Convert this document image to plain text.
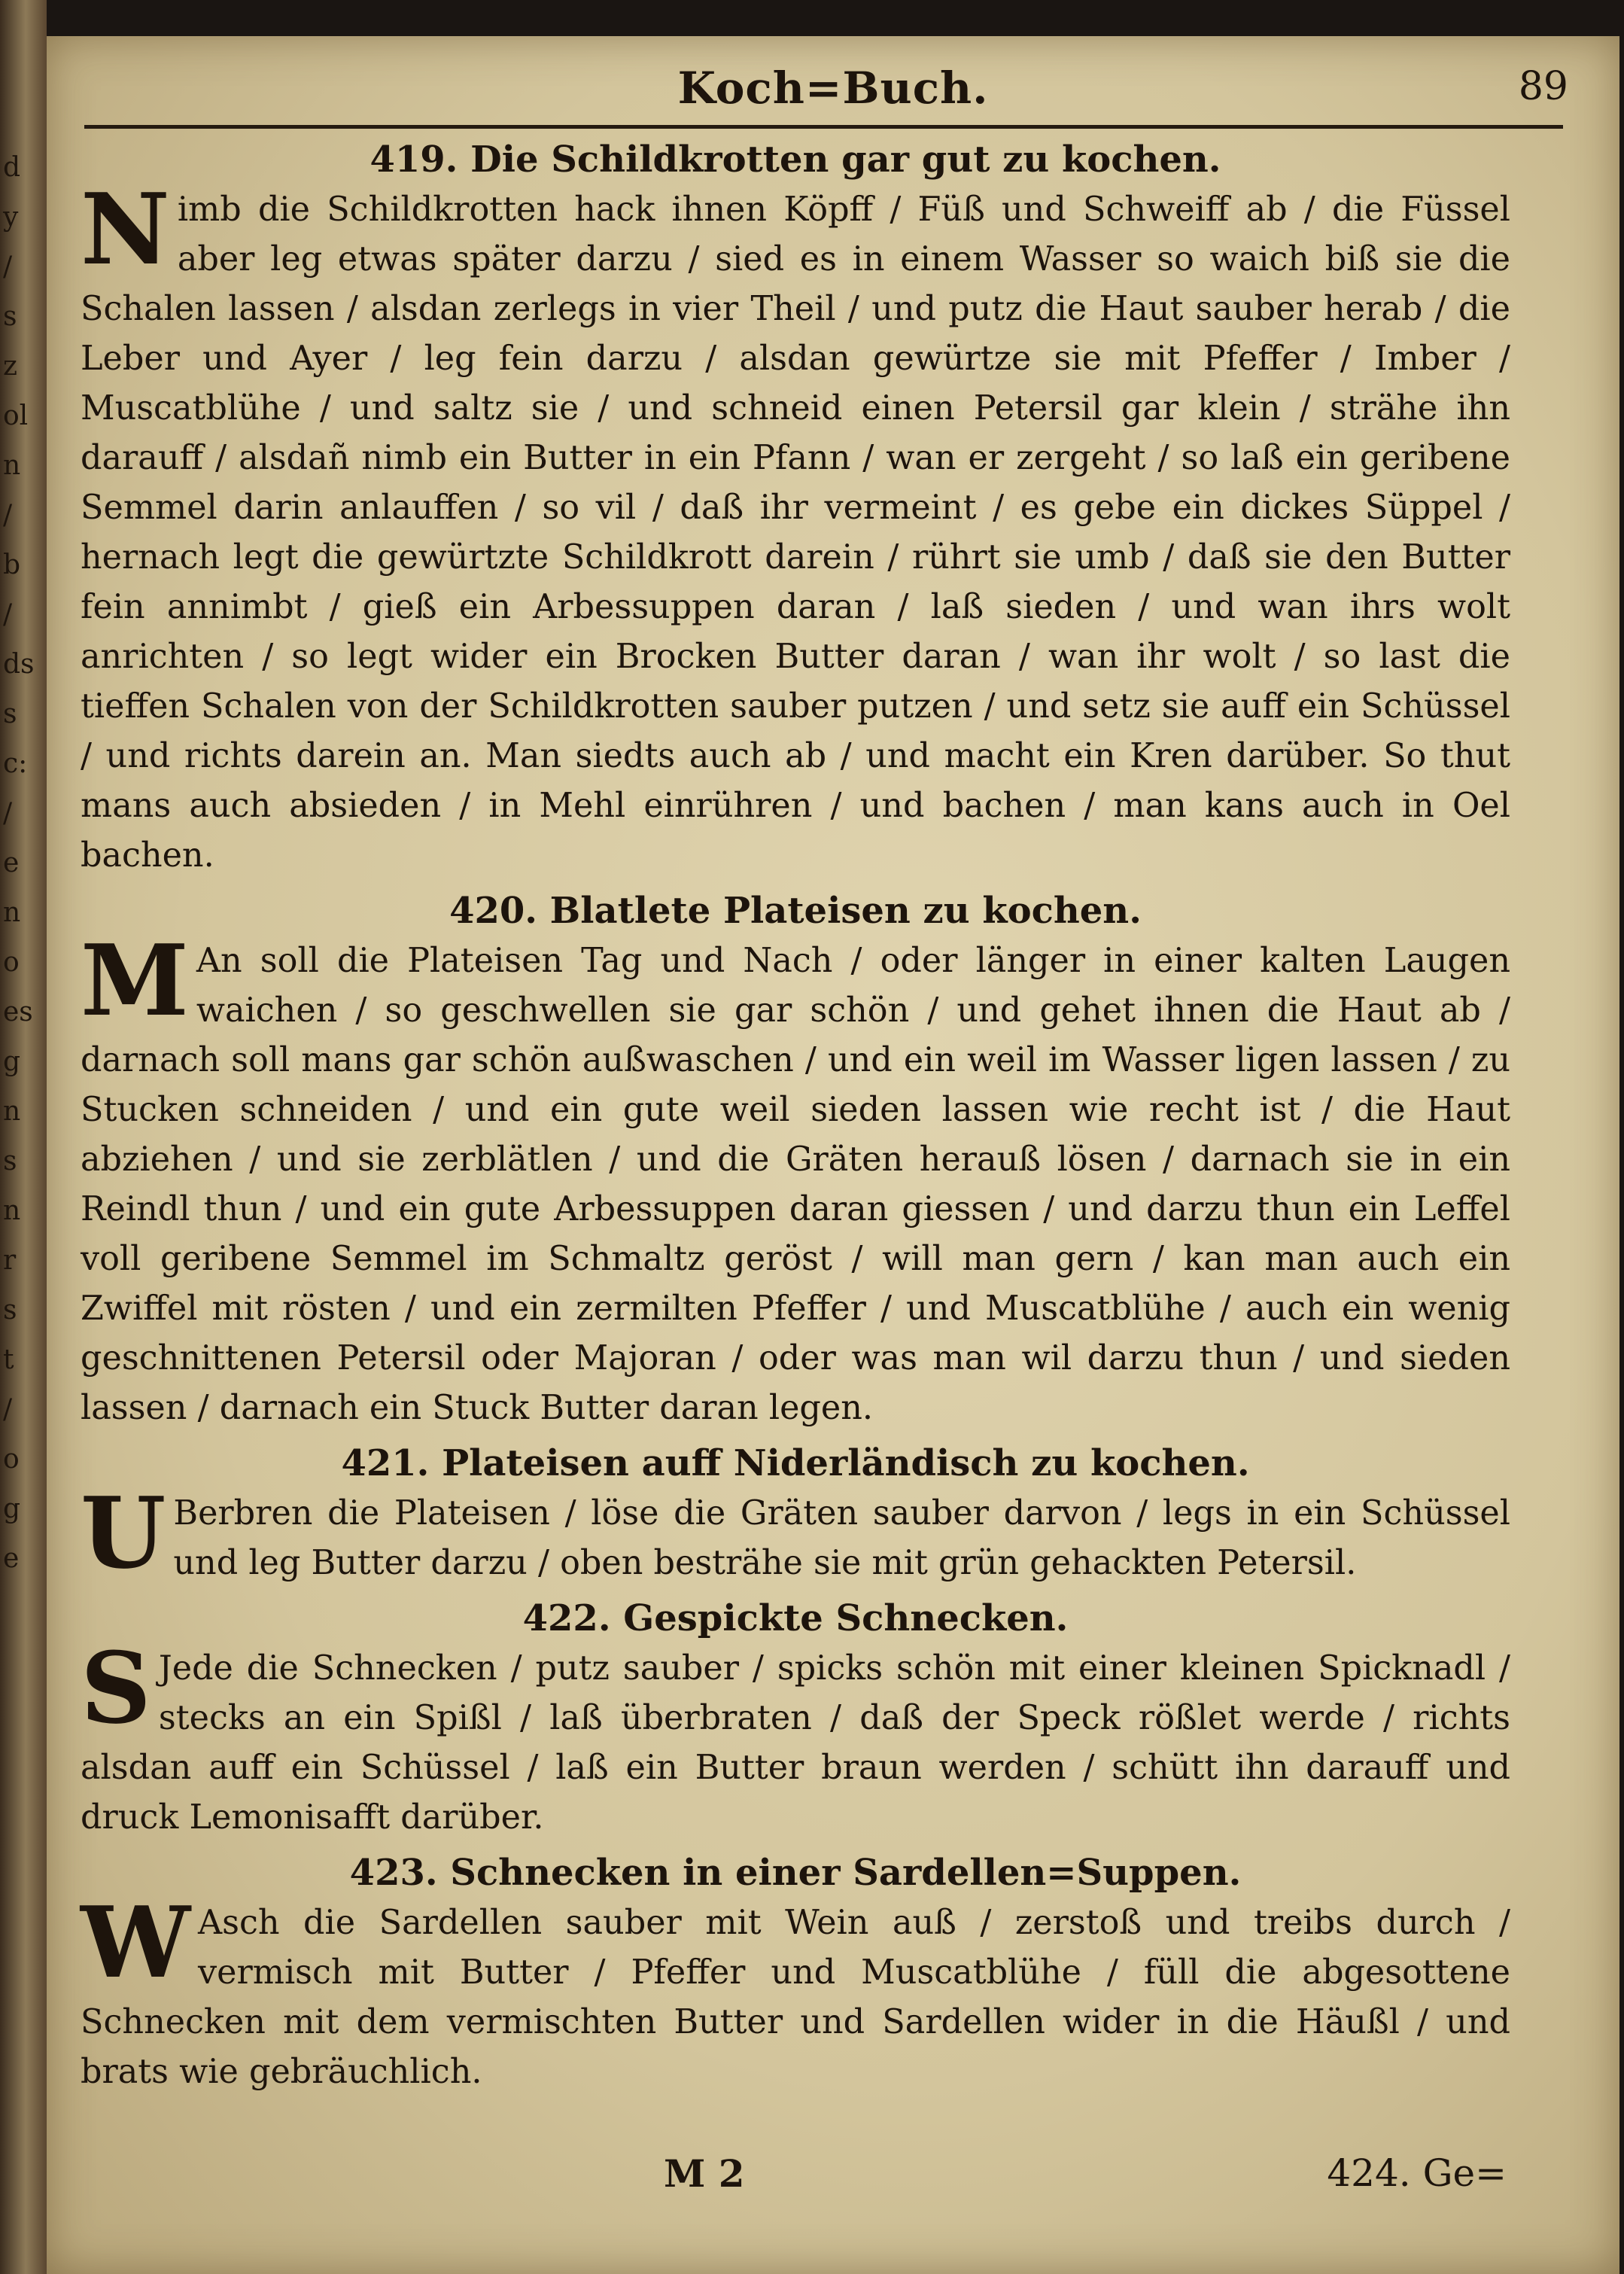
d
y
/
s
z
ol
n
/
b
/
ds
s
c:
/
e
n
o
es
g
n
s
n
r
s
t
/
o
g
e
Koch=Buch.	89
419. Die Schildkrotten gar gut zu kochen.

Nimb die Schildkrotten hack ihnen Köpff / Füß und Schweiff ab / die Füssel aber leg etwas später darzu / sied es in einem Wasser so waich biß sie die Schalen lassen / alsdan zerlegs in vier Theil / und putz die Haut sauber herab / die Leber und Ayer / leg fein darzu / alsdan gewürtze sie mit Pfeffer / Imber / Muscatblühe / und saltz sie / und schneid einen Petersil gar klein / strähe ihn darauff / alsdañ nimb ein Butter in ein Pfann / wan er zergeht / so laß ein geribene Semmel darin anlauffen / so vil / daß ihr vermeint / es gebe ein dickes Süppel / hernach legt die gewürtzte Schildkrott darein / rührt sie umb / daß sie den Butter fein annimbt / gieß ein Arbessuppen daran / laß sieden / und wan ihrs wolt anrichten / so legt wider ein Brocken Butter daran / wan ihr wolt / so last die tieffen Schalen von der Schildkrotten sauber putzen / und setz sie auff ein Schüssel / und richts darein an. Man siedts auch ab / und macht ein Kren darüber. So thut mans auch absieden / in Mehl einrühren / und bachen / man kans auch in Oel bachen.

420. Blatlete Plateisen zu kochen.

M An soll die Plateisen Tag und Nach / oder länger in einer kalten Laugen waichen / so geschwellen sie gar schön / und gehet ihnen die Haut ab / darnach soll mans gar schön außwaschen / und ein weil im Wasser ligen lassen / zu Stucken schneiden / und ein gute weil sieden lassen wie recht ist / die Haut abziehen / und sie zerblätlen / und die Gräten herauß lösen / darnach sie in ein Reindl thun / und ein gute Arbessuppen daran giessen / und darzu thun ein Leffel voll geribene Semmel im Schmaltz geröst / will man gern / kan man auch ein Zwiffel mit rösten / und ein zermilten Pfeffer / und Muscatblühe / auch ein wenig geschnittenen Petersil oder Majoran / oder was man wil darzu thun / und sieden lassen / darnach ein Stuck Butter daran legen.

421. Plateisen auff Niderländisch zu kochen.

U Berbren die Plateisen / löse die Gräten sauber darvon / legs in ein Schüssel und leg Butter darzu / oben besträhe sie mit grün gehackten Petersil.

422. Gespickte Schnecken.

S Jede die Schnecken / putz sauber / spicks schön mit einer kleinen Spicknadl / stecks an ein Spißl / laß überbraten / daß der Speck rößlet werde / richts alsdan auff ein Schüssel / laß ein Butter braun werden / schütt ihn darauff und druck Lemonisafft darüber.

423. Schnecken in einer Sardellen=Suppen.

W Asch die Sardellen sauber mit Wein auß / zerstoß und treibs durch / vermisch mit Butter / Pfeffer und Muscatblühe / füll die abgesottene Schnecken mit dem vermischten Butter und Sardellen wider in die Häußl / und brats wie gebräuchlich.

M 2	424. Ge=
